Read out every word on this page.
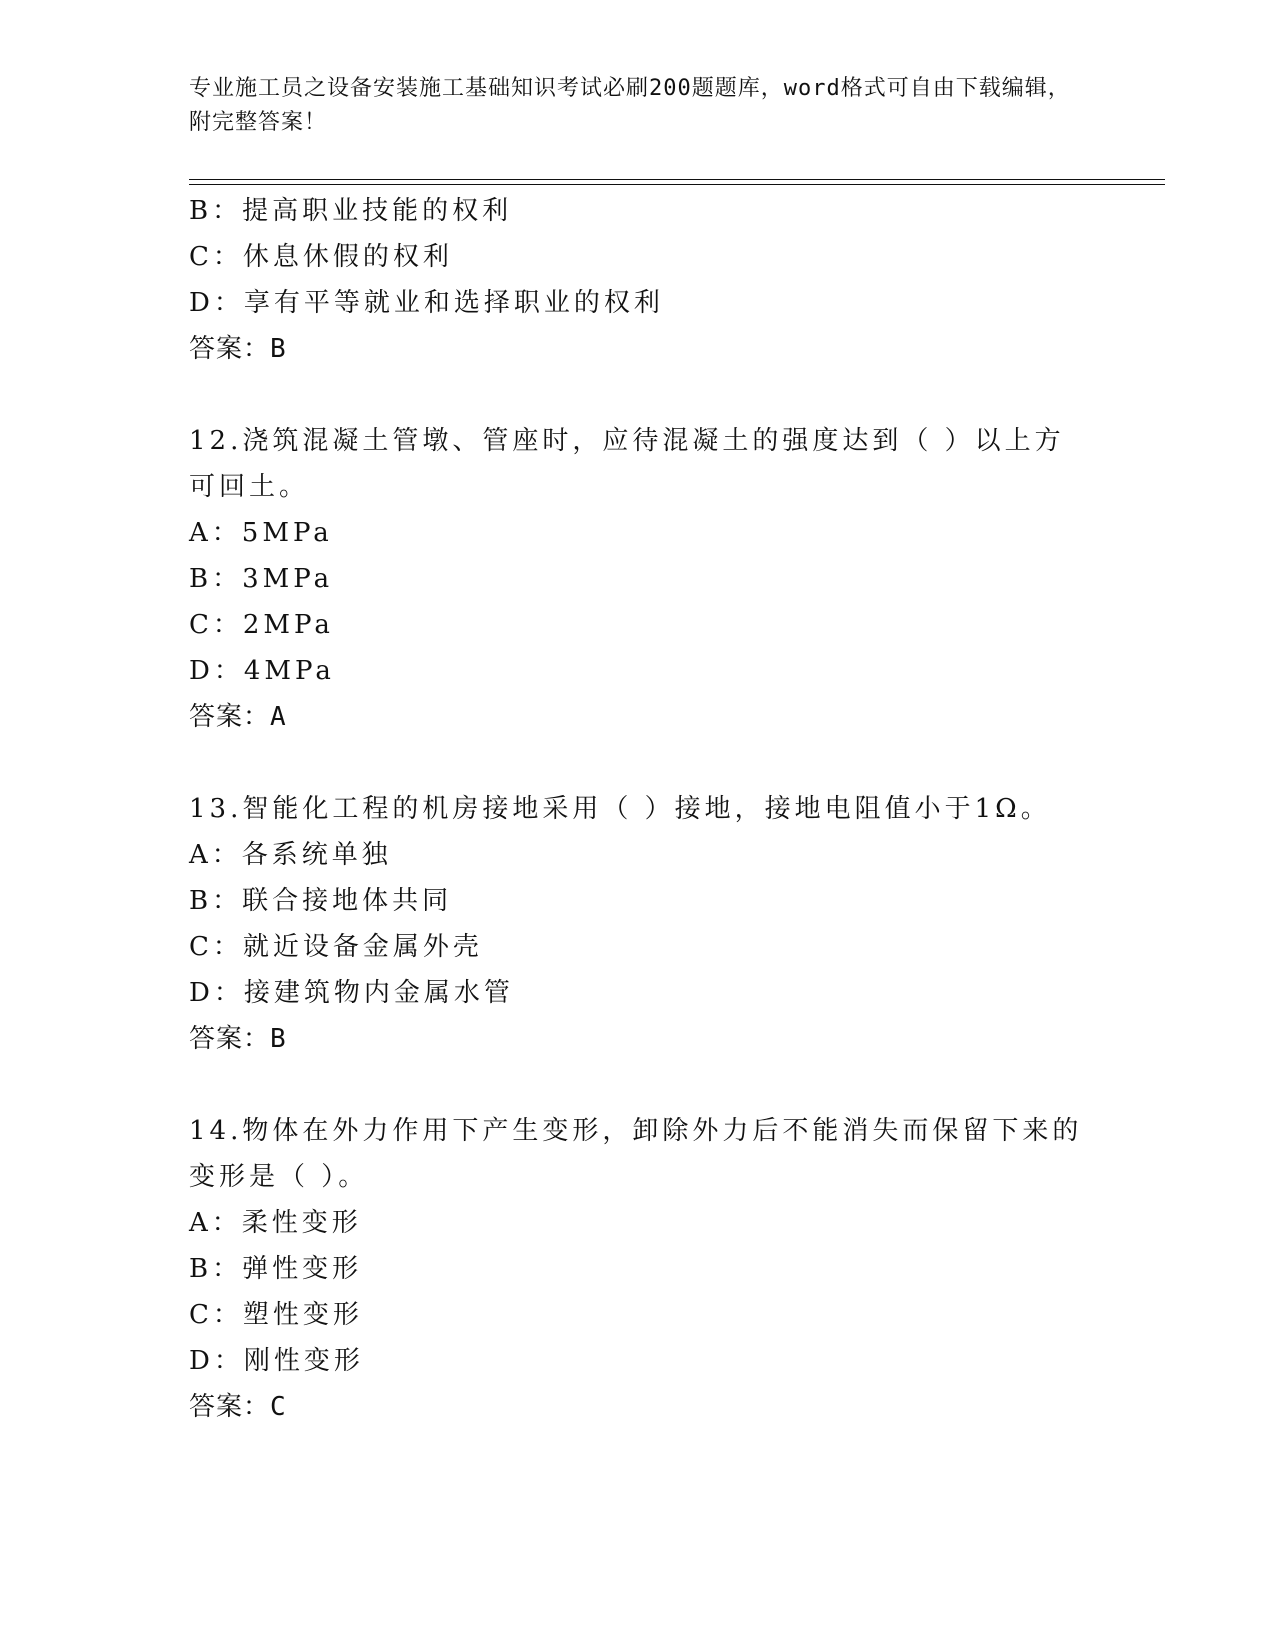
专业施工员之设备安装施工基础知识考试必刷200题题库，word格式可自由下载编辑，附完整答案！
B：提高职业技能的权利
C：休息休假的权利
D：享有平等就业和选择职业的权利
答案：B
12.浇筑混凝土管墩、管座时，应待混凝土的强度达到（ ）以上方可回土。
A：5MPa
B：3MPa
C：2MPa
D：4MPa
答案：A
13.智能化工程的机房接地采用（ ）接地，接地电阻值小于1Ω。
A：各系统单独
B：联合接地体共同
C：就近设备金属外壳
D：接建筑物内金属水管
答案：B
14.物体在外力作用下产生变形，卸除外力后不能消失而保留下来的变形是（ ）。
A：柔性变形
B：弹性变形
C：塑性变形
D：刚性变形
答案：C
